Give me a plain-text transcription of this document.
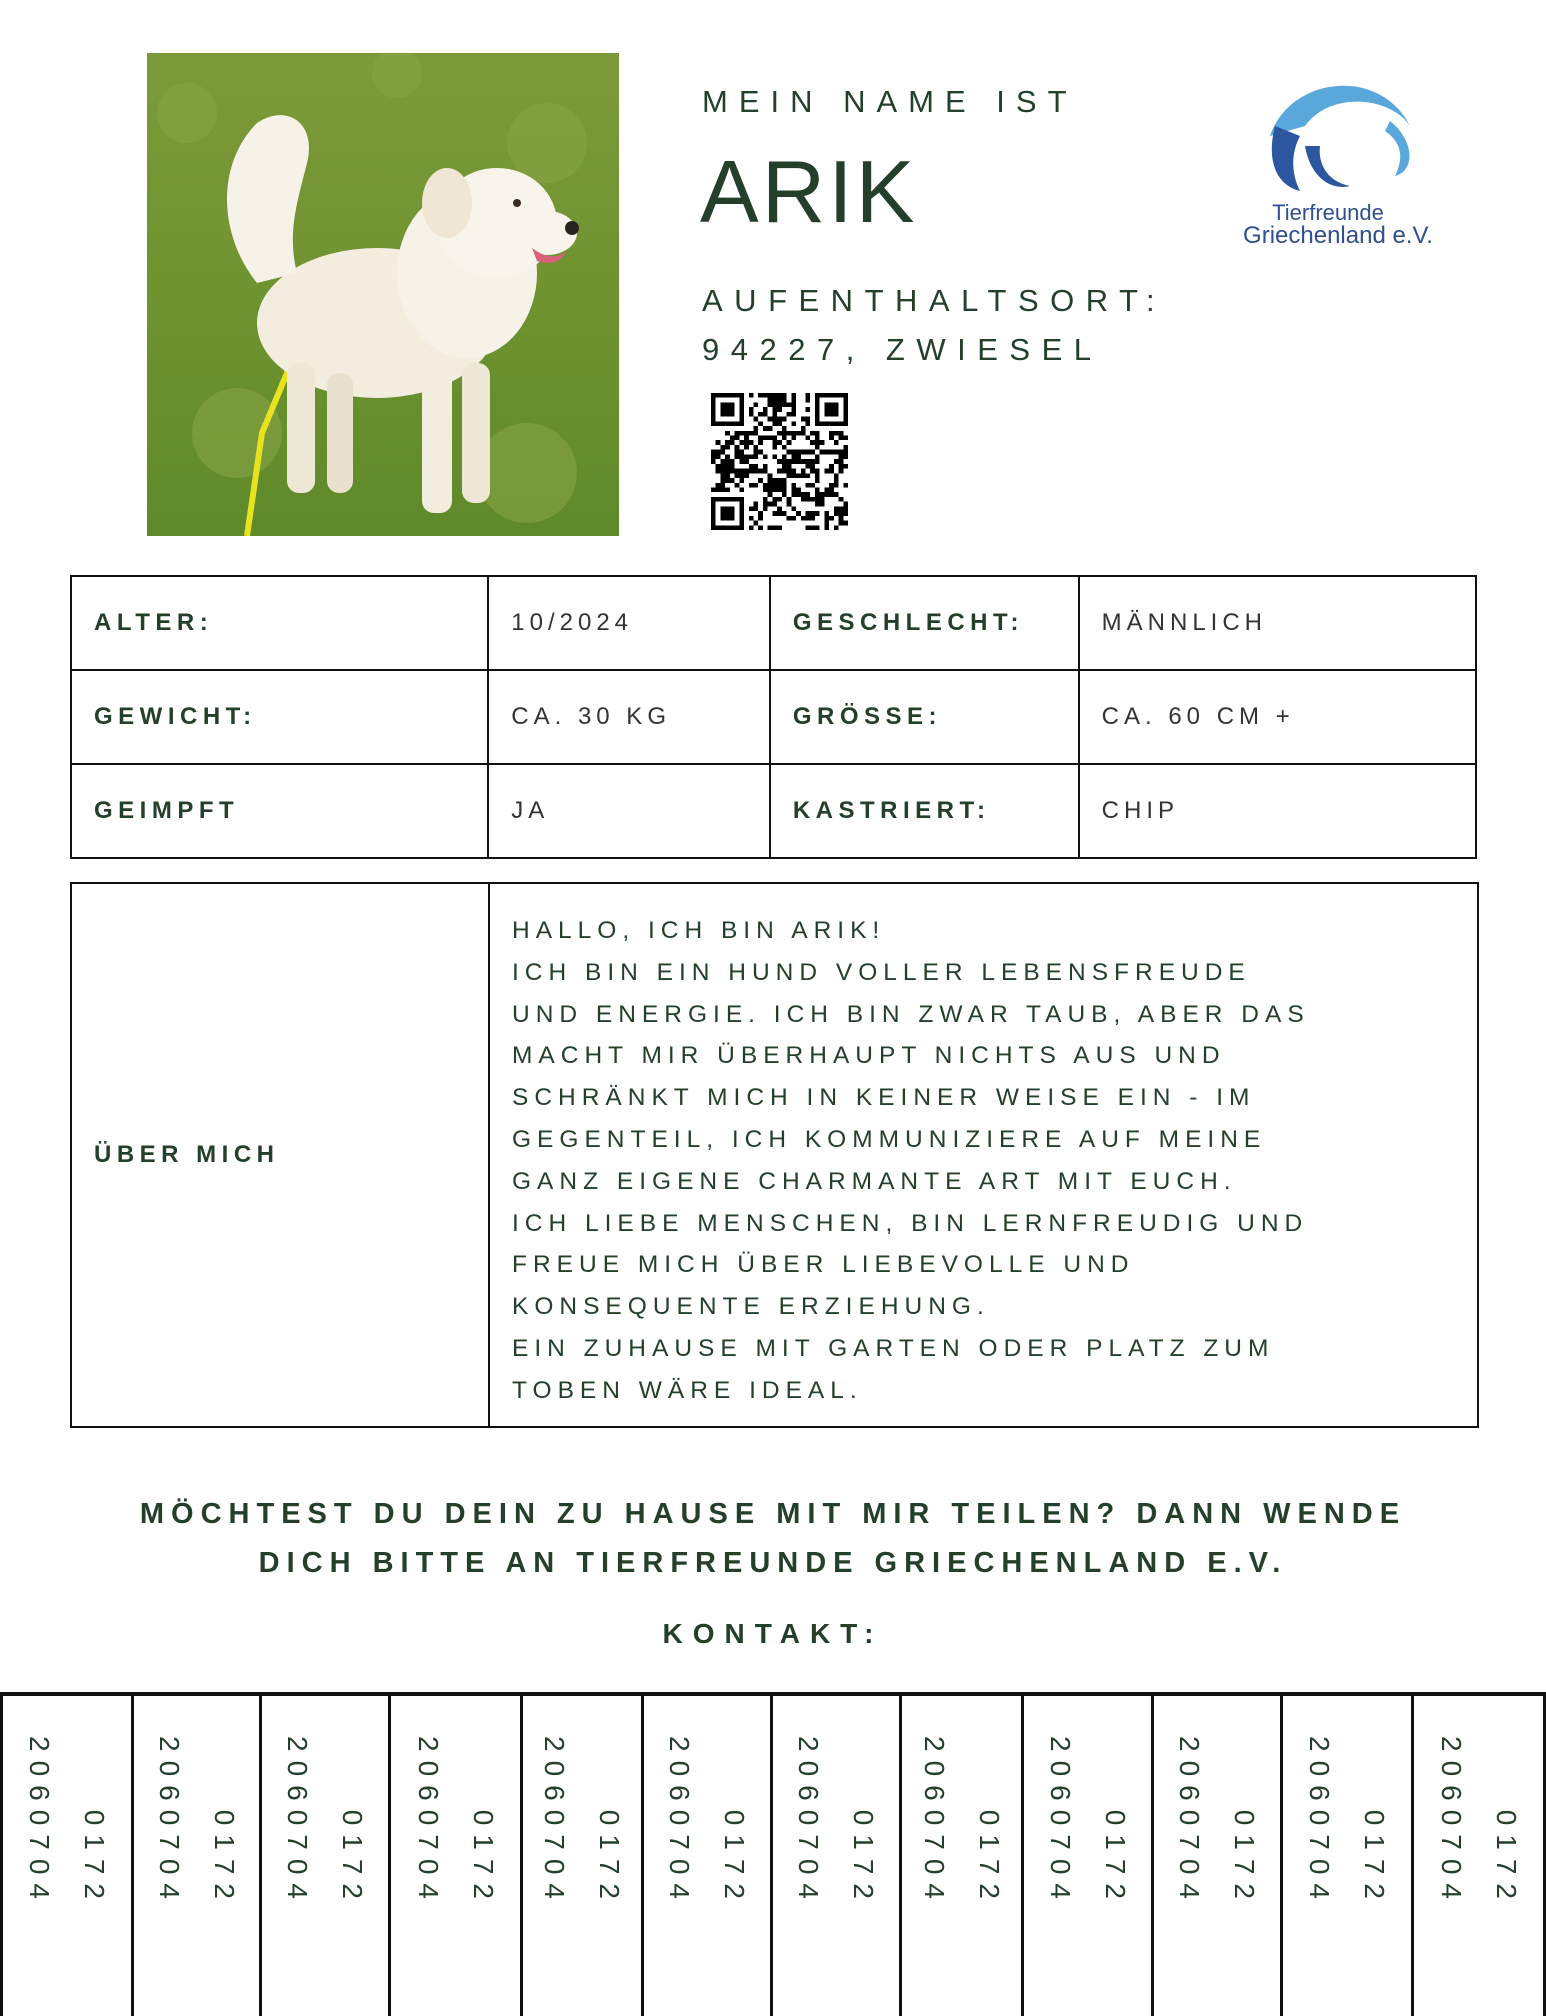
MEIN NAME IST
ARIK
AUFENTHALTSORT:
94227, ZWIESEL
Tierfreunde
Griechenland e.V.
ALTER:	10/2024	GESCHLECHT:	MÄNNLICH
GEWICHT:	CA. 30 KG	GRÖSSE:	CA. 60 CM +
GEIMPFT	JA	KASTRIERT:	CHIP
ÜBER MICH
HALLO, ICH BIN ARIK!
ICH BIN EIN HUND VOLLER LEBENSFREUDE
UND ENERGIE. ICH BIN ZWAR TAUB, ABER DAS
MACHT MIR ÜBERHAUPT NICHTS AUS UND
SCHRÄNKT MICH IN KEINER WEISE EIN - IM
GEGENTEIL, ICH KOMMUNIZIERE AUF MEINE
GANZ EIGENE CHARMANTE ART MIT EUCH.
ICH LIEBE MENSCHEN, BIN LERNFREUDIG UND
FREUE MICH ÜBER LIEBEVOLLE UND
KONSEQUENTE ERZIEHUNG.
EIN ZUHAUSE MIT GARTEN ODER PLATZ ZUM
TOBEN WÄRE IDEAL.
MÖCHTEST DU DEIN ZU HAUSE MIT MIR TEILEN? DANN WENDE
DICH BITTE AN TIERFREUNDE GRIECHENLAND E.V.
KONTAKT:
0172
2060704	0172
2060704	0172
2060704	0172
2060704	0172
2060704	0172
2060704	0172
2060704	0172
2060704	0172
2060704	0172
2060704	0172
2060704	0172
2060704
